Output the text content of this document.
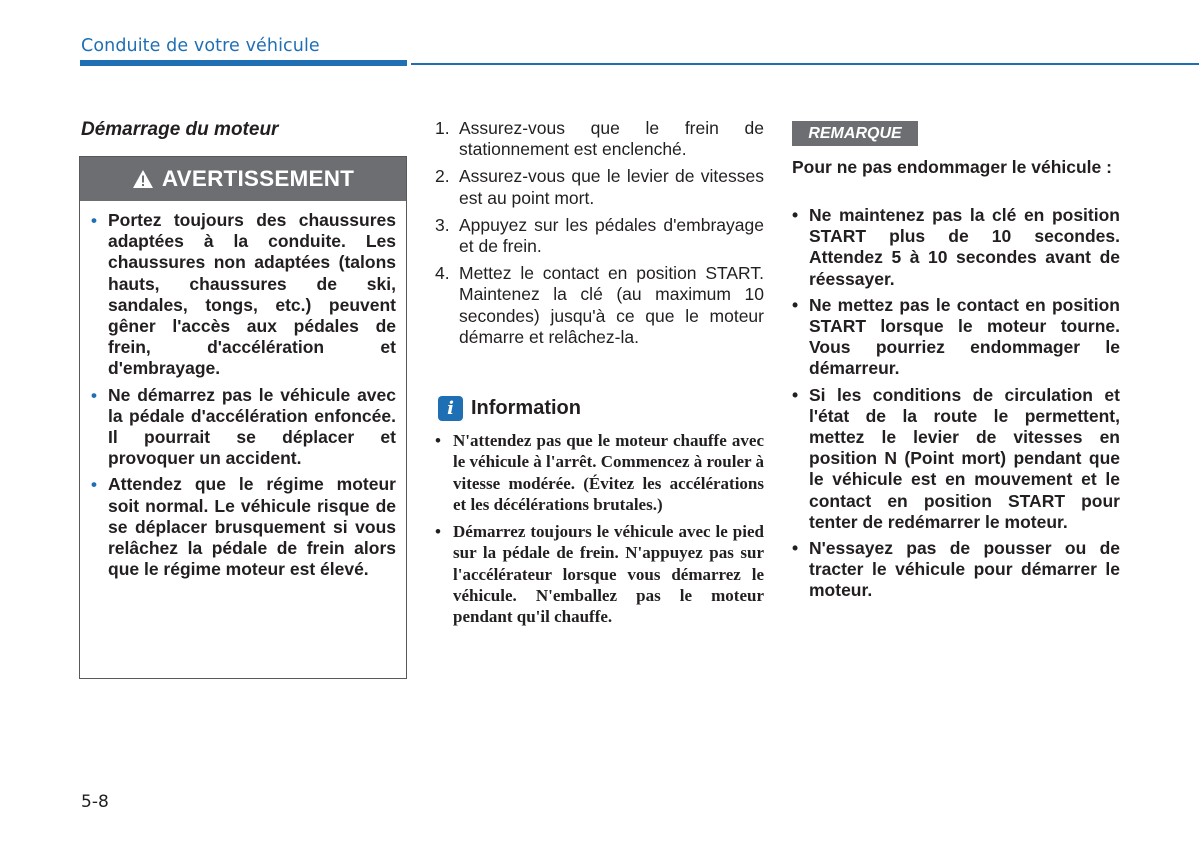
Conduite de votre véhicule
Démarrage du moteur
AVERTISSEMENT
• Portez toujours des chaussures adaptées à la conduite. Les chaussures non adaptées (talons hauts, chaussures de ski, sandales, tongs, etc.) peuvent gêner l'accès aux pédales de frein, d'accélération et d'embrayage.
• Ne démarrez pas le véhicule avec la pédale d'accélération enfoncée. Il pourrait se déplacer et provoquer un accident.
• Attendez que le régime moteur soit normal. Le véhicule risque de se déplacer brusquement si vous relâchez la pédale de frein alors que le régime moteur est élevé.
1. Assurez-vous que le frein de stationnement est enclenché.
2. Assurez-vous que le levier de vitesses est au point mort.
3. Appuyez sur les pédales d'embrayage et de frein.
4. Mettez le contact en position START. Maintenez la clé (au maximum 10 secondes) jusqu'à ce que le moteur démarre et relâchez-la.
i Information
• N'attendez pas que le moteur chauffe avec le véhicule à l'arrêt. Commencez à rouler à vitesse modérée. (Évitez les accélérations et les décélérations brutales.)
• Démarrez toujours le véhicule avec le pied sur la pédale de frein. N'appuyez pas sur l'accélérateur lorsque vous démarrez le véhicule. N'emballez pas le moteur pendant qu'il chauffe.
REMARQUE
Pour ne pas endommager le véhicule :
• Ne maintenez pas la clé en position START plus de 10 secondes. Attendez 5 à 10 secondes avant de réessayer.
• Ne mettez pas le contact en position START lorsque le moteur tourne. Vous pourriez endommager le démarreur.
• Si les conditions de circulation et l'état de la route le permettent, mettez le levier de vitesses en position N (Point mort) pendant que le véhicule est en mouvement et le contact en position START pour tenter de redémarrer le moteur.
• N'essayez pas de pousser ou de tracter le véhicule pour démarrer le moteur.
5-8
